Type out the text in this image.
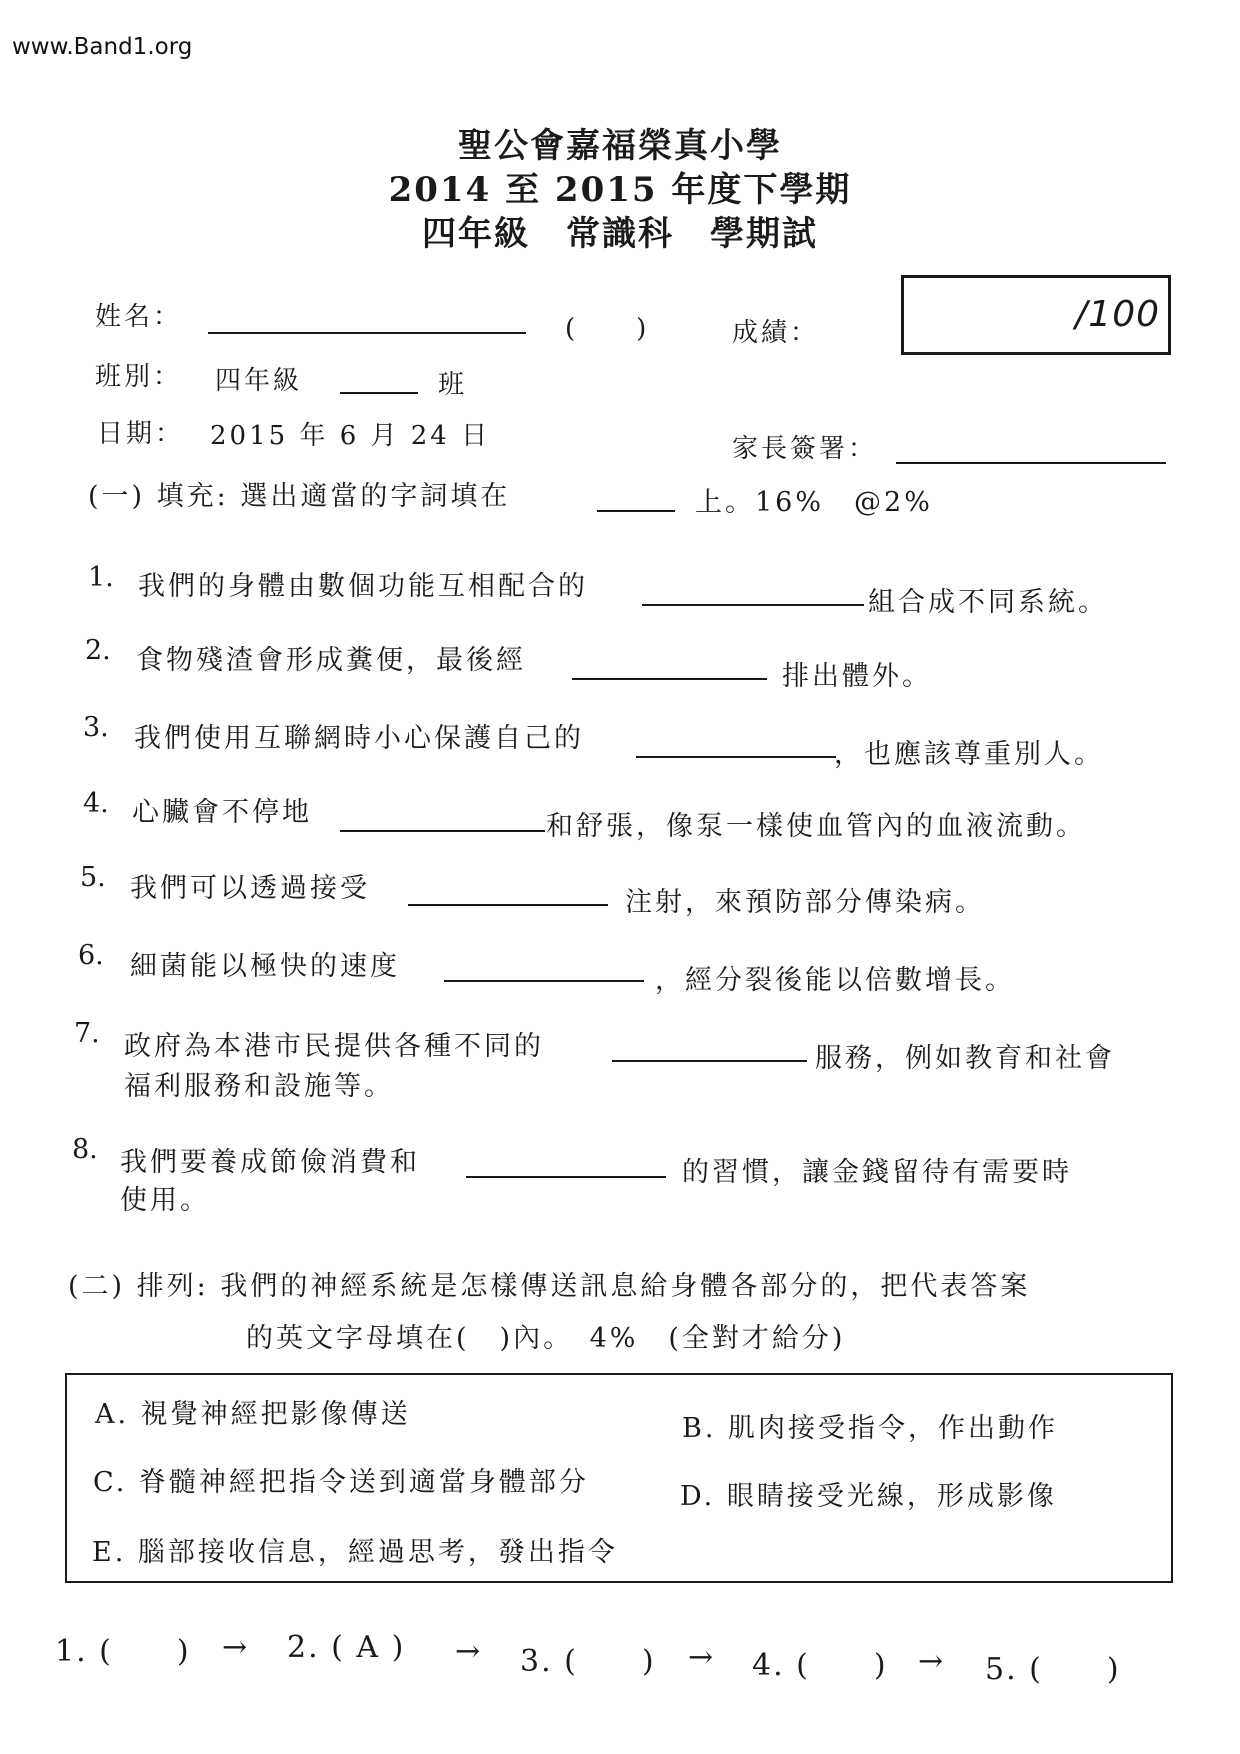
www.Band1.org
聖公會嘉福榮真小學
2014 至 2015 年度下學期
四年級　常識科　學期試
姓名：	(　　)	成績：	/100
班別： 四年級	班
日期： 2015 年 6 月 24 日	家長簽署：
(一) 填充: 選出適當的字詞填在	上。16%　@2%
1. 我們的身體由數個功能互相配合的
組合成不同系統。
2. 食物殘渣會形成糞便，最後經
排出體外。
3. 我們使用互聯網時小心保護自己的
，也應該尊重別人。
4. 心臟會不停地	和舒張，像泵一樣使血管內的血液流動。
5. 我們可以透過接受	注射，來預防部分傳染病。
6. 細菌能以極快的速度	，經分裂後能以倍數增長。
7. 政府為本港市民提供各種不同的	服務，例如教育和社會
福利服務和設施等。
8. 我們要養成節儉消費和	的習慣，讓金錢留待有需要時
使用。
(二) 排列: 我們的神經系統是怎樣傳送訊息給身體各部分的，把代表答案
的英文字母填在(　)內。　4%　(全對才給分)
A. 視覺神經把影像傳送	B. 肌肉接受指令，作出動作
C. 脊髓神經把指令送到適當身體部分	D. 眼睛接受光線，形成影像
E. 腦部接收信息，經過思考，發出指令
1. (　　) → 2. ( A ) → 3. (　　) → 4. (　　) → 5. (　　)
